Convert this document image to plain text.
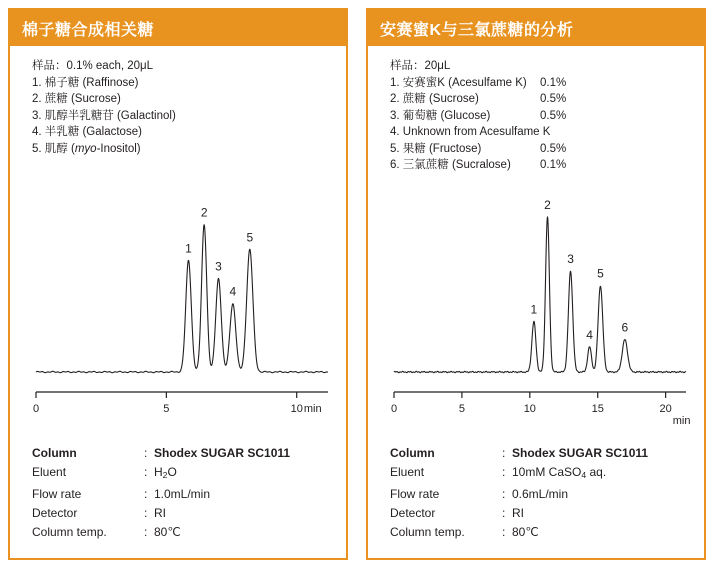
棉子糖合成相关糖
样品：0.1% each, 20μL
1. 棉子糖 (Raffinose)
2. 蔗糖 (Sucrose)
3. 肌醇半乳糖苷 (Galactinol)
4. 半乳糖 (Galactose)
5. 肌醇 (myo-Inositol)
0	5	10 min
1
2
3
4
5
Column	: Shodex SUGAR SC1011
Eluent	: $H_2O$
Flow rate	: 1.0mL/min
Detector	: RI
Column temp.	: 80℃
安赛蜜K与三氯蔗糖的分析
样品：20μL
1. 安赛蜜K (Acesulfame K) 0.1%
2. 蔗糖 (Sucrose)	0.5%
3. 葡萄糖 (Glucose)	0.5%
4. Unknown from Acesulfame K
5. 果糖 (Fructose)	0.5%
6. 三氯蔗糖 (Sucralose)	0.1%
0	5	10	15	20
min
1
2
3
4
5
6
Column	: Shodex SUGAR SC1011
Eluent	: 10mM CaSO$_4$ aq.
Flow rate	: 0.6mL/min
Detector	: RI
Column temp.	: 80℃
